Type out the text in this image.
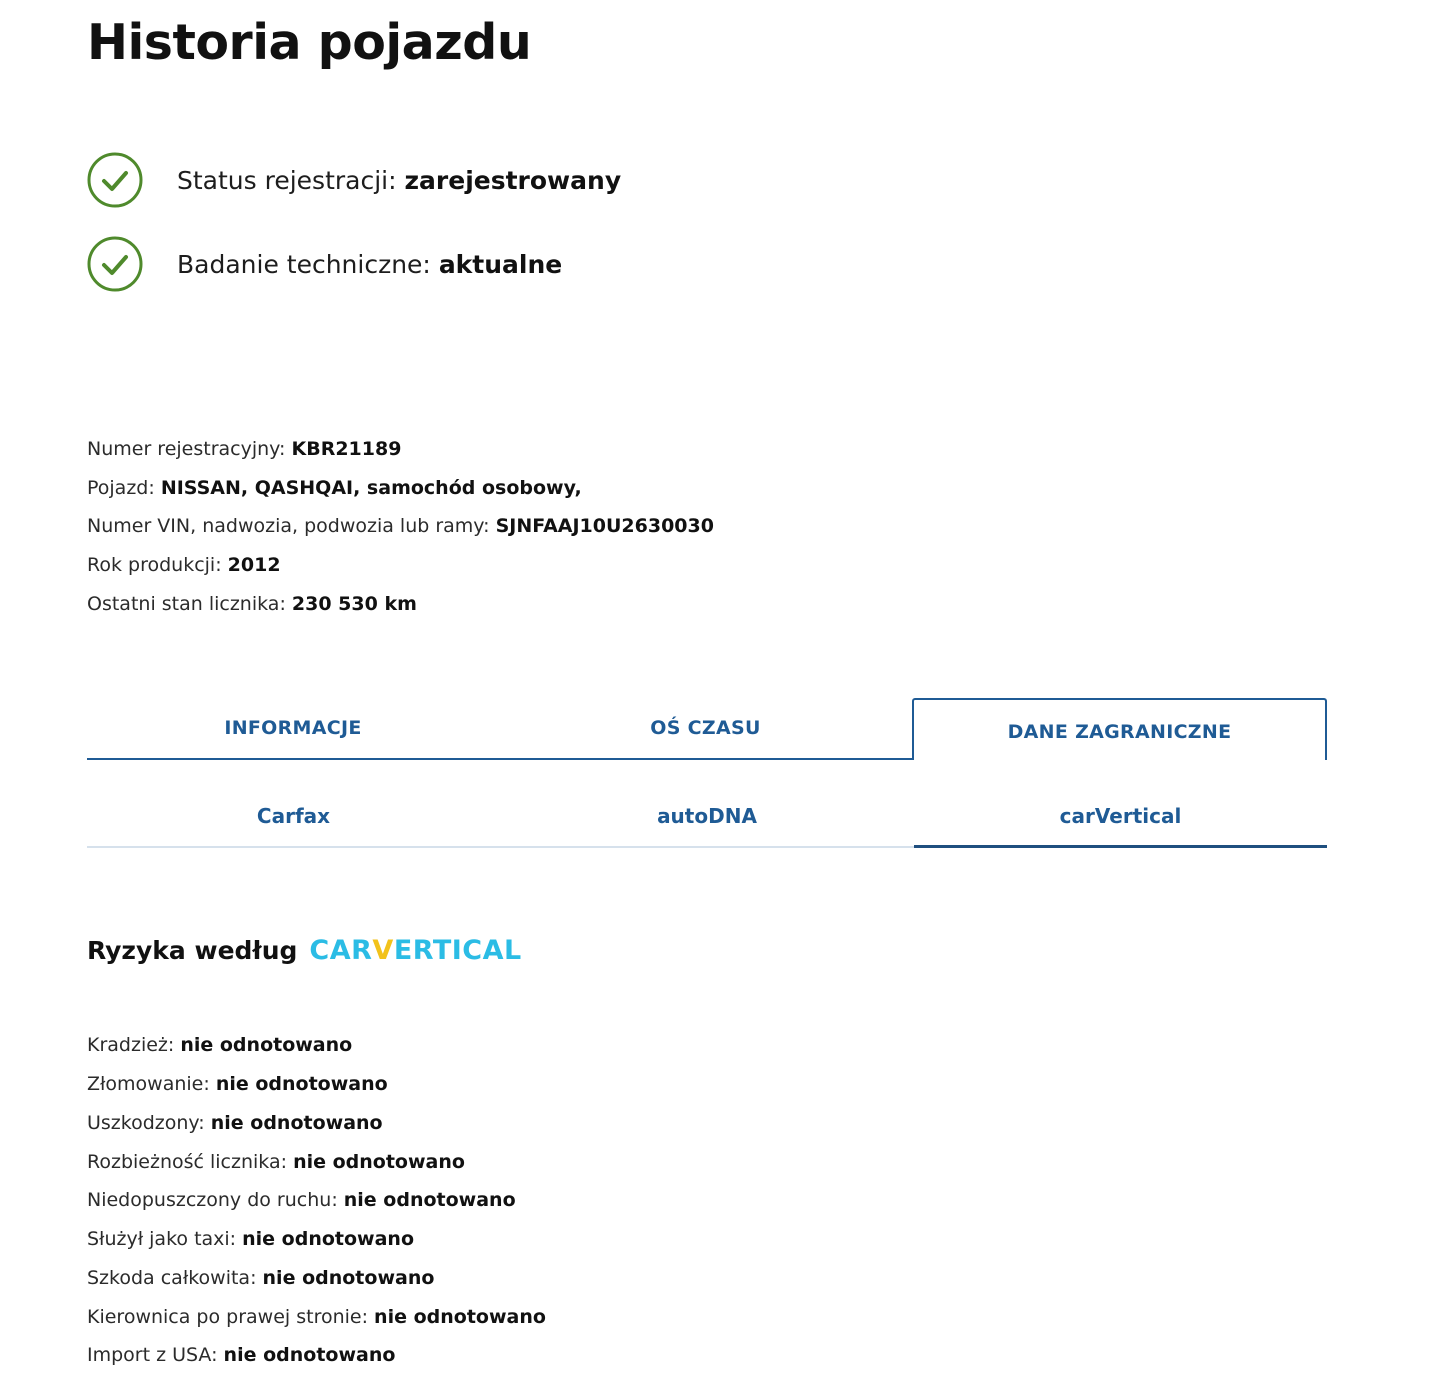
Historia pojazdu
Status rejestracji: zarejestrowany
Badanie techniczne: aktualne
Numer rejestracyjny: KBR21189
Pojazd: NISSAN, QASHQAI, samochód osobowy,
Numer VIN, nadwozia, podwozia lub ramy: SJNFAAJ10U2630030
Rok produkcji: 2012
Ostatni stan licznika: 230 530 km
INFORMACJE	OŚ CZASU	DANE ZAGRANICZNE
Carfax	autoDNA	carVertical
Ryzyka według CARVERTICAL
Kradzież: nie odnotowano
Złomowanie: nie odnotowano
Uszkodzony: nie odnotowano
Rozbieżność licznika: nie odnotowano
Niedopuszczony do ruchu: nie odnotowano
Służył jako taxi: nie odnotowano
Szkoda całkowita: nie odnotowano
Kierownica po prawej stronie: nie odnotowano
Import z USA: nie odnotowano
